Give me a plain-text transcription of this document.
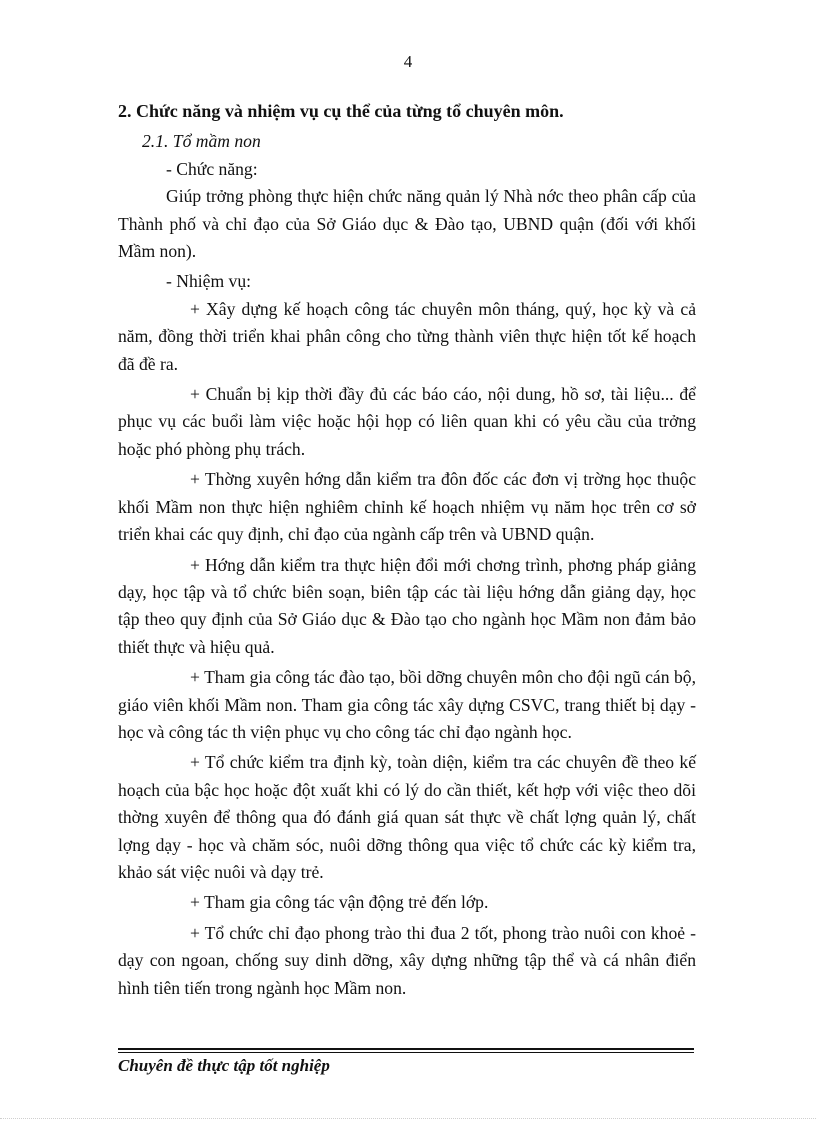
4

2. Chức năng và nhiệm vụ cụ thể của từng tổ chuyên môn.

2.1. Tổ mầm non

- Chức năng:

Giúp trởng phòng thực hiện chức năng quản lý Nhà nớc theo phân cấp của Thành phố và chỉ đạo của Sở Giáo dục & Đào tạo, UBND quận (đối với khối Mầm non).

- Nhiệm vụ:

+ Xây dựng kế hoạch công tác chuyên môn tháng, quý, học kỳ và cả năm, đồng thời triển khai phân công cho từng thành viên thực hiện tốt kế hoạch đã đề ra.

+ Chuẩn bị kịp thời đầy đủ các báo cáo, nội dung, hồ sơ, tài liệu... để phục vụ các buổi làm việc hoặc hội họp có liên quan khi có yêu cầu của trởng hoặc phó phòng phụ trách.

+ Thờng xuyên hớng dẫn kiểm tra đôn đốc các đơn vị trờng học thuộc khối Mầm non thực hiện nghiêm chỉnh kế hoạch nhiệm vụ năm học trên cơ sở triển khai các quy định, chỉ đạo của ngành cấp trên và UBND quận.

+ Hớng dẫn kiểm tra thực hiện đổi mới chơng trình, phơng pháp giảng dạy, học tập và tổ chức biên soạn, biên tập các tài liệu hớng dẫn giảng dạy, học tập theo quy định của Sở Giáo dục & Đào tạo cho ngành học Mầm non đảm bảo thiết thực và hiệu quả.

+ Tham gia công tác đào tạo, bồi dỡng chuyên môn cho đội ngũ cán bộ, giáo viên khối Mầm non. Tham gia công tác xây dựng CSVC, trang thiết bị dạy - học và công tác th viện phục vụ cho công tác chỉ đạo ngành học.

+ Tổ chức kiểm tra định kỳ, toàn diện, kiểm tra các chuyên đề theo kế hoạch của bậc học hoặc đột xuất khi có lý do cần thiết, kết hợp với việc theo dõi thờng xuyên để thông qua đó đánh giá quan sát thực về chất lợng quản lý, chất lợng dạy - học và chăm sóc, nuôi dỡng thông qua việc tổ chức các kỳ kiểm tra, khảo sát việc nuôi và dạy trẻ.

+ Tham gia công tác vận động trẻ đến lớp.

+ Tổ chức chỉ đạo phong trào thi đua 2 tốt, phong trào nuôi con khoẻ - dạy con ngoan, chống suy dinh dỡng, xây dựng những tập thể và cá nhân điển hình tiên tiến trong ngành học Mầm non.

Chuyên đề thực tập tốt nghiệp
